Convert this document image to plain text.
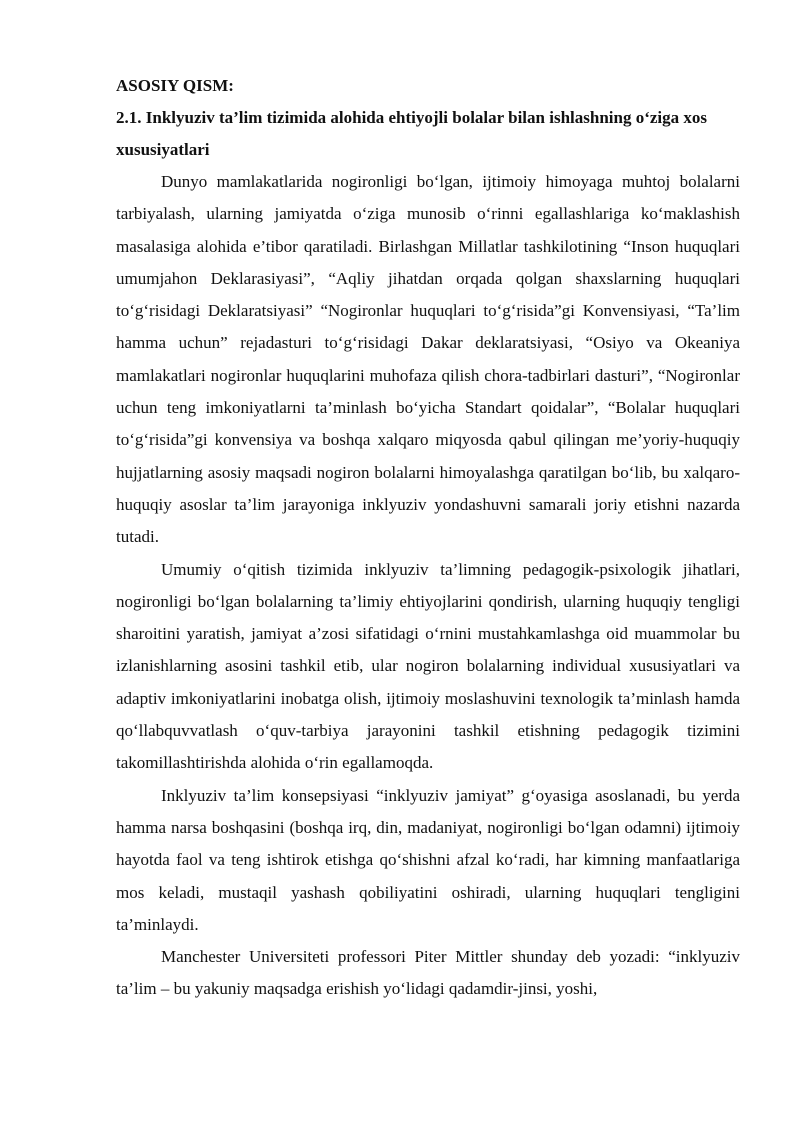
ASOSIY QISM:

2.1. Inklyuziv ta’lim tizimida alohida ehtiyojli bolalar bilan ishlashning o‘ziga xos xususiyatlari

Dunyo mamlakatlarida nogironligi bo‘lgan, ijtimoiy himoyaga muhtoj bolalarni tarbiyalash, ularning jamiyatda o‘ziga munosib o‘rinni egallashlariga ko‘maklashish masalasiga alohida e’tibor qaratiladi. Birlashgan Millatlar tashkilotining “Inson huquqlari umumjahon Deklarasiyasi”, “Aqliy jihatdan orqada qolgan shaxslarning huquqlari to‘g‘risidagi Deklaratsiyasi” “Nogironlar huquqlari to‘g‘risida”gi Konvensiyasi, “Ta’lim hamma uchun” rejadasturi to‘g‘risidagi Dakar deklaratsiyasi, “Osiyo va Okeaniya mamlakatlari nogironlar huquqlarini muhofaza qilish chora-tadbirlari dasturi”, “Nogironlar uchun teng imkoniyatlarni ta’minlash bo‘yicha Standart qoidalar”, “Bolalar huquqlari to‘g‘risida”gi konvensiya va boshqa xalqaro miqyosda qabul qilingan me’yoriy-huquqiy hujjatlarning asosiy maqsadi nogiron bolalarni himoyalashga qaratilgan bo‘lib, bu xalqaro-huquqiy asoslar ta’lim jarayoniga inklyuziv yondashuvni samarali joriy etishni nazarda tutadi.

Umumiy o‘qitish tizimida inklyuziv ta’limning pedagogik-psixologik jihatlari, nogironligi bo‘lgan bolalarning ta’limiy ehtiyojlarini qondirish, ularning huquqiy tengligi sharoitini yaratish, jamiyat a’zosi sifatidagi o‘rnini mustahkamlashga oid muammolar bu izlanishlarning asosini tashkil etib, ular nogiron bolalarning individual xususiyatlari va adaptiv imkoniyatlarini inobatga olish, ijtimoiy moslashuvini texnologik ta’minlash hamda qo‘llabquvvatlash o‘quv-tarbiya jarayonini tashkil etishning pedagogik tizimini takomillashtirishda alohida o‘rin egallamoqda.

Inklyuziv ta’lim konsepsiyasi “inklyuziv jamiyat” g‘oyasiga asoslanadi, bu yerda hamma narsa boshqasini (boshqa irq, din, madaniyat, nogironligi bo‘lgan odamni) ijtimoiy hayotda faol va teng ishtirok etishga qo‘shishni afzal ko‘radi, har kimning manfaatlariga mos keladi, mustaqil yashash qobiliyatini oshiradi, ularning huquqlari tengligini ta’minlaydi.

Manchester Universiteti professori Piter Mittler shunday deb yozadi: “inklyuziv ta’lim – bu yakuniy maqsadga erishish yo‘lidagi qadamdir-jinsi, yoshi,
